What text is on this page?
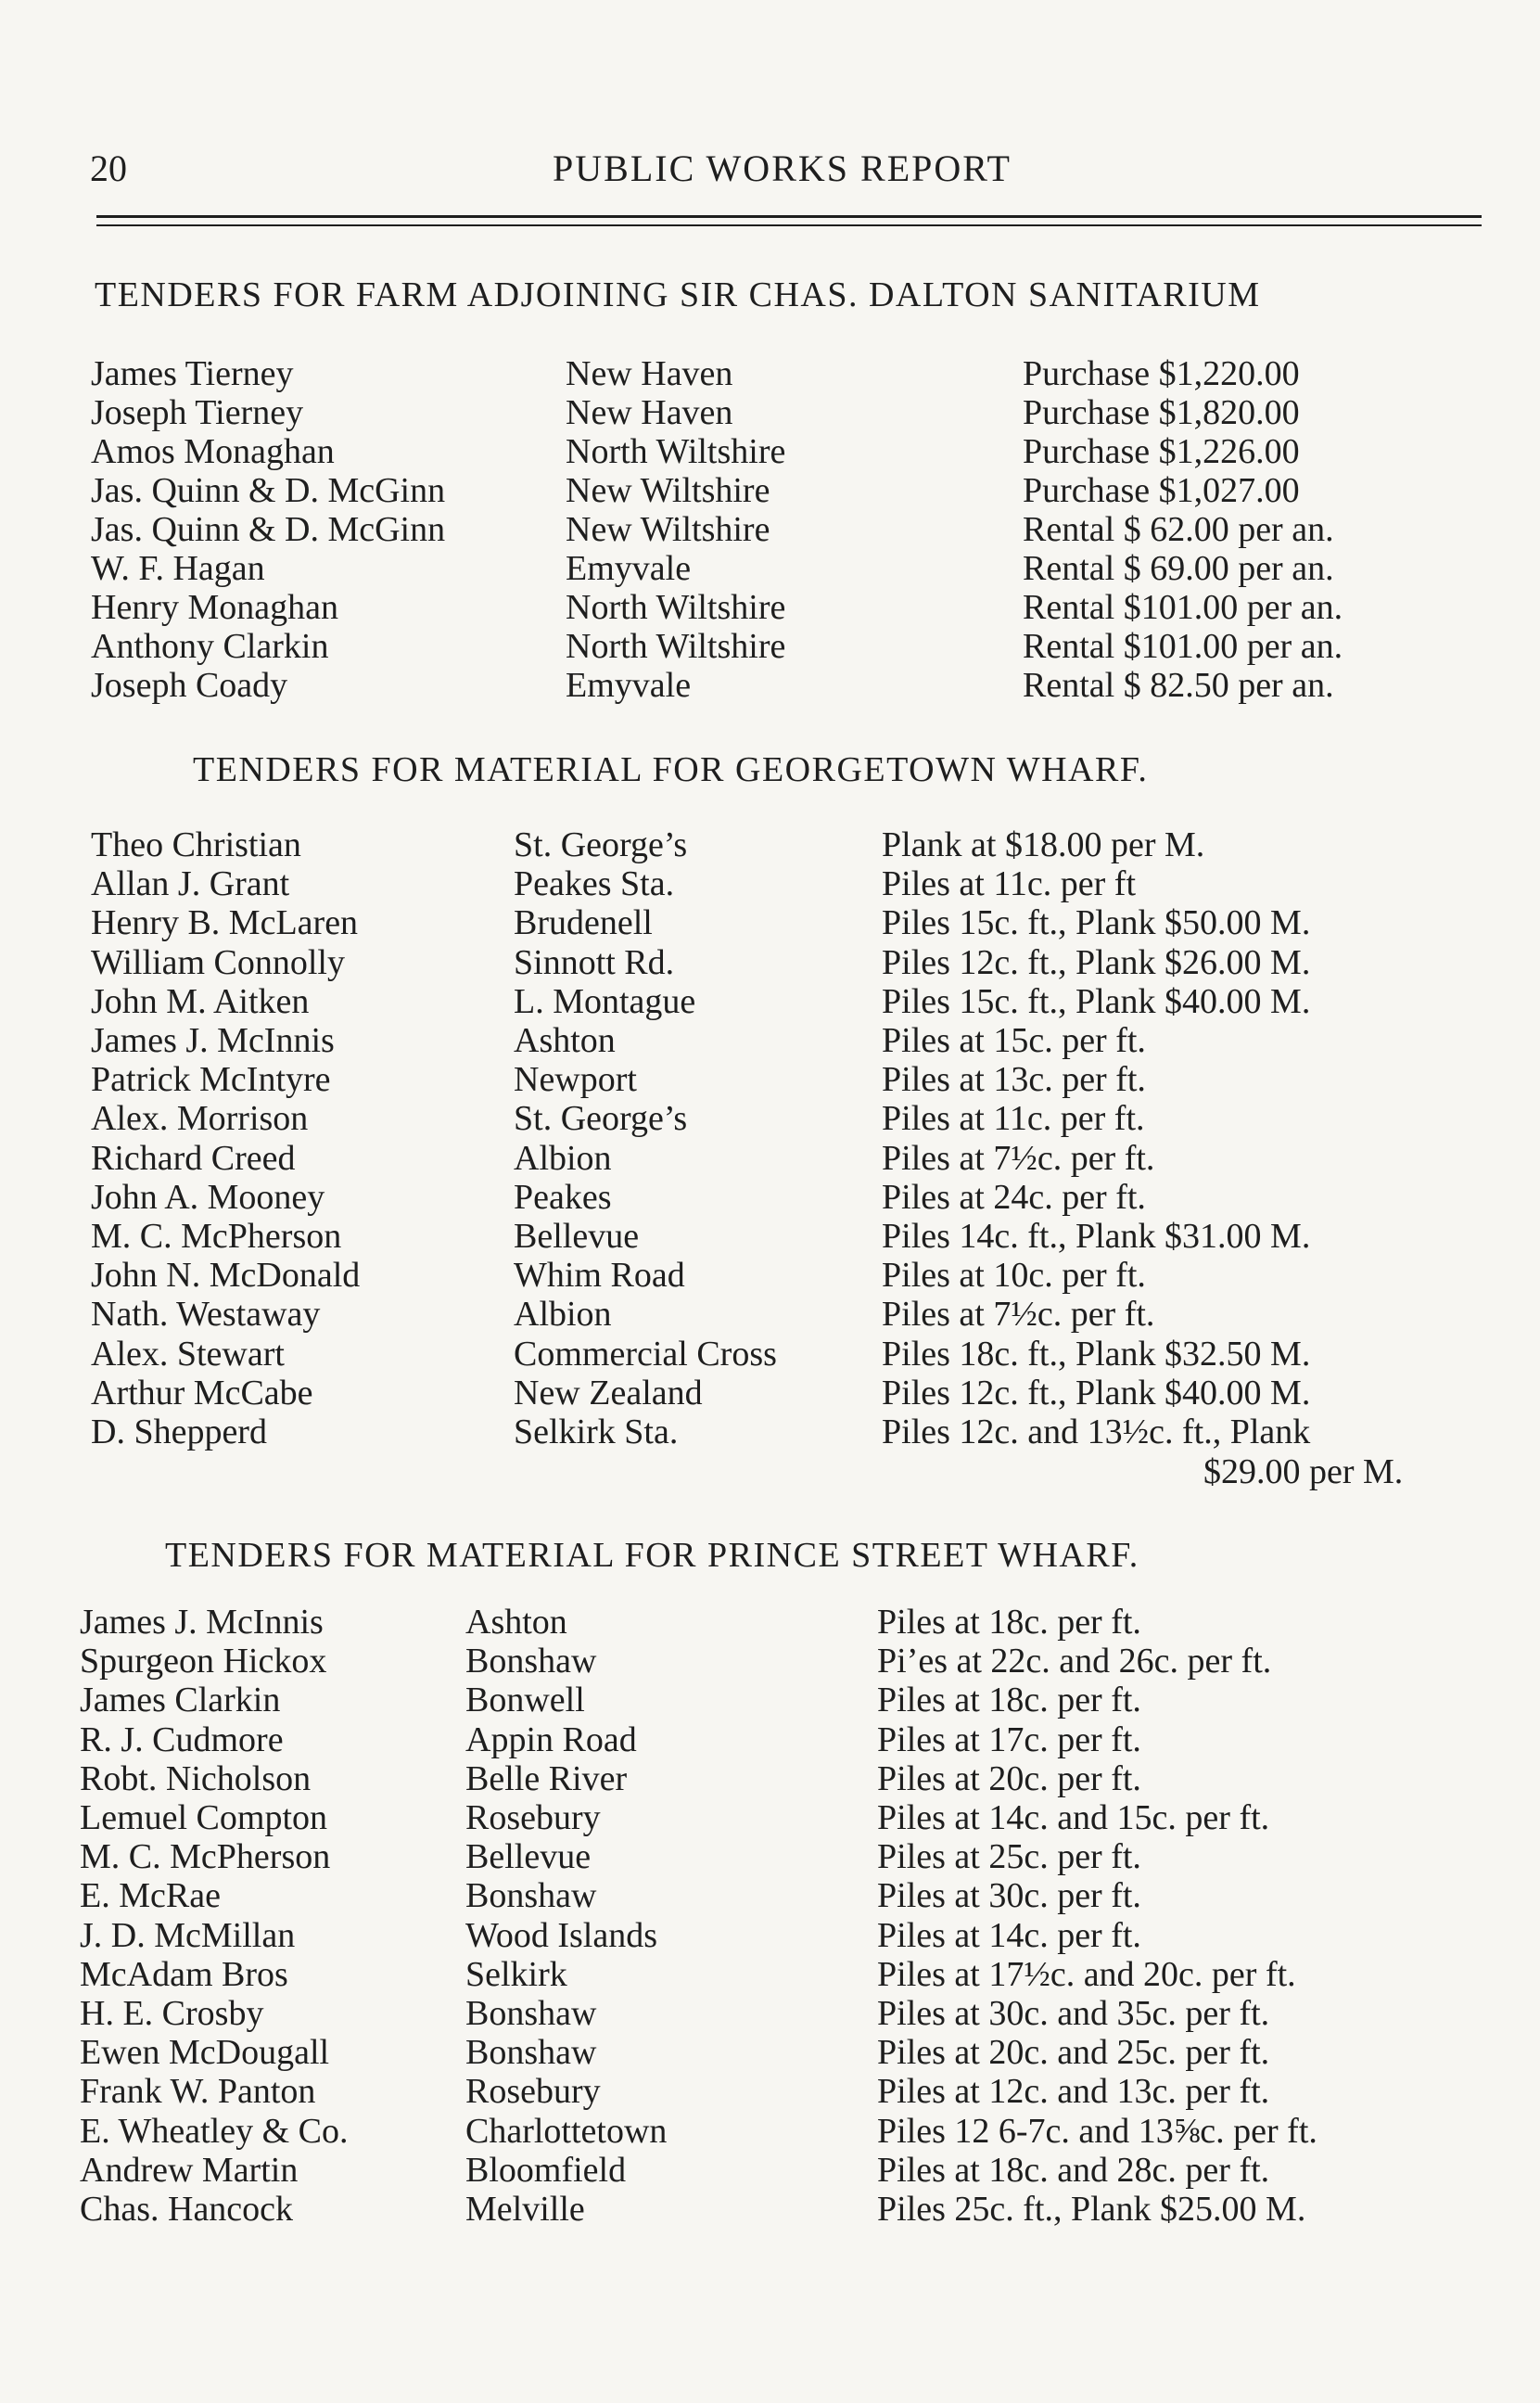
20	PUBLIC WORKS REPORT
TENDERS FOR FARM ADJOINING SIR CHAS. DALTON SANITARIUM
James Tierney	New Haven	Purchase $1,220.00
Joseph Tierney	New Haven	Purchase $1,820.00
Amos Monaghan	North Wiltshire	Purchase $1,226.00
Jas. Quinn & D. McGinn	New Wiltshire	Purchase $1,027.00
Jas. Quinn & D. McGinn	New Wiltshire	Rental $ 62.00 per an.
W. F. Hagan	Emyvale	Rental $ 69.00 per an.
Henry Monaghan	North Wiltshire	Rental $101.00 per an.
Anthony Clarkin	North Wiltshire	Rental $101.00 per an.
Joseph Coady	Emyvale	Rental $ 82.50 per an.
TENDERS FOR MATERIAL FOR GEORGETOWN WHARF.
Theo Christian	St. George’s	Plank at $18.00 per M.
Allan J. Grant	Peakes Sta.	Piles at 11c. per ft
Henry B. McLaren	Brudenell	Piles 15c. ft., Plank $50.00 M.
William Connolly	Sinnott Rd.	Piles 12c. ft., Plank $26.00 M.
John M. Aitken	L. Montague	Piles 15c. ft., Plank $40.00 M.
James J. McInnis	Ashton	Piles at 15c. per ft.
Patrick McIntyre	Newport	Piles at 13c. per ft.
Alex. Morrison	St. George’s	Piles at 11c. per ft.
Richard Creed	Albion	Piles at 7½c. per ft.
John A. Mooney	Peakes	Piles at 24c. per ft.
M. C. McPherson	Bellevue	Piles 14c. ft., Plank $31.00 M.
John N. McDonald	Whim Road	Piles at 10c. per ft.
Nath. Westaway	Albion	Piles at 7½c. per ft.
Alex. Stewart	Commercial Cross	Piles 18c. ft., Plank $32.50 M.
Arthur McCabe	New Zealand	Piles 12c. ft., Plank $40.00 M.
D. Shepperd	Selkirk Sta.	Piles 12c. and 13½c. ft., Plank
$29.00 per M.
TENDERS FOR MATERIAL FOR PRINCE STREET WHARF.
James J. McInnis	Ashton	Piles at 18c. per ft.
Spurgeon Hickox	Bonshaw	Pi’es at 22c. and 26c. per ft.
James Clarkin	Bonwell	Piles at 18c. per ft.
R. J. Cudmore	Appin Road	Piles at 17c. per ft.
Robt. Nicholson	Belle River	Piles at 20c. per ft.
Lemuel Compton	Rosebury	Piles at 14c. and 15c. per ft.
M. C. McPherson	Bellevue	Piles at 25c. per ft.
E. McRae	Bonshaw	Piles at 30c. per ft.
J. D. McMillan	Wood Islands	Piles at 14c. per ft.
McAdam Bros	Selkirk	Piles at 17½c. and 20c. per ft.
H. E. Crosby	Bonshaw	Piles at 30c. and 35c. per ft.
Ewen McDougall	Bonshaw	Piles at 20c. and 25c. per ft.
Frank W. Panton	Rosebury	Piles at 12c. and 13c. per ft.
E. Wheatley & Co.	Charlottetown	Piles 12 6-7c. and 13⅝c. per ft.
Andrew Martin	Bloomfield	Piles at 18c. and 28c. per ft.
Chas. Hancock	Melville	Piles 25c. ft., Plank $25.00 M.
